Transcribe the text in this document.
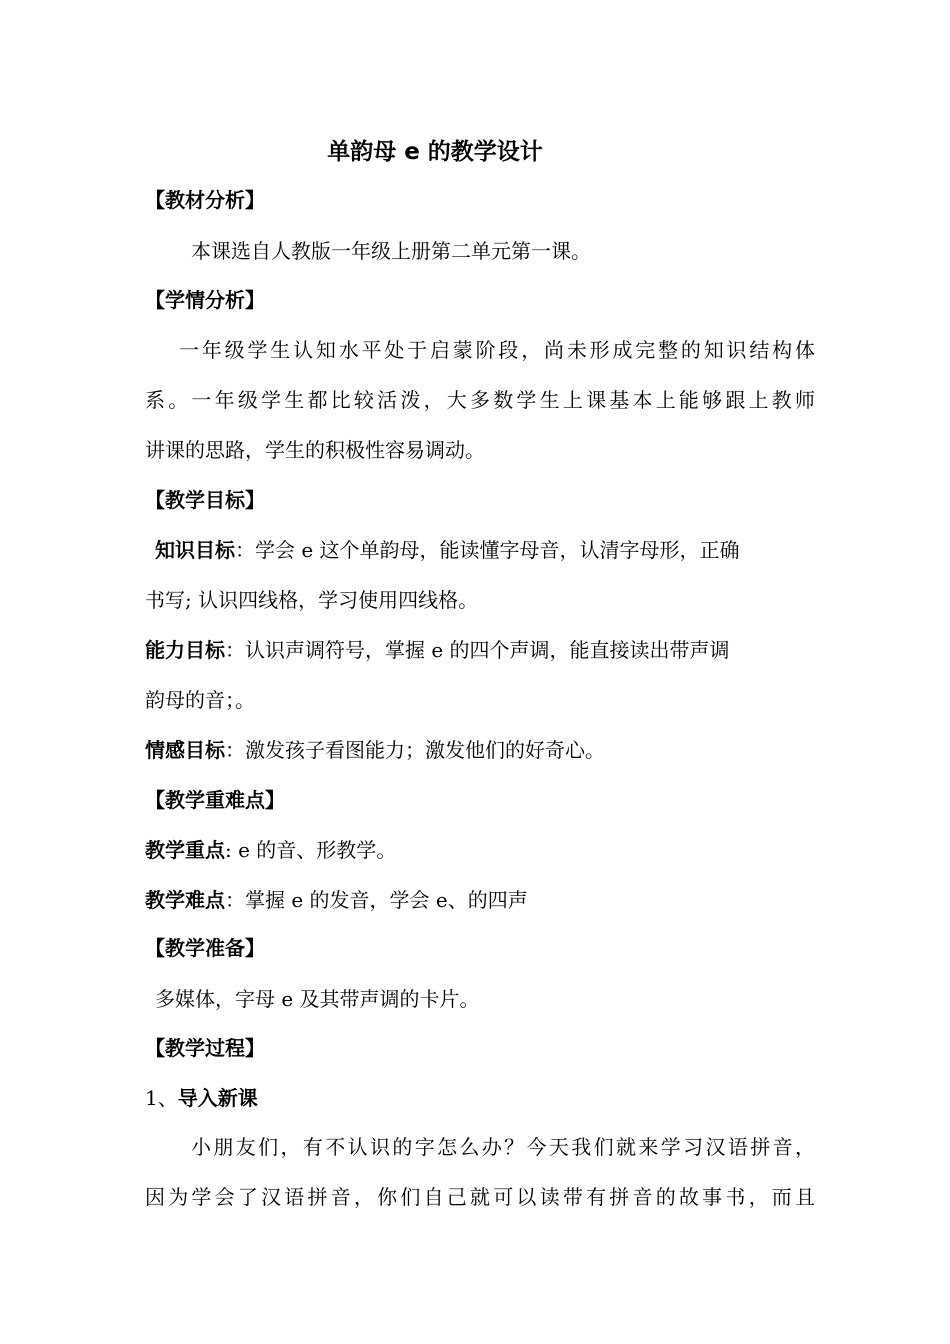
单韵母 e 的教学设计
【教材分析】
本课选自人教版一年级上册第二单元第一课。
【学情分析】
一年级学生认知水平处于启蒙阶段，尚未形成完整的知识结构体
系。一年级学生都比较活泼，大多数学生上课基本上能够跟上教师
讲课的思路，学生的积极性容易调动。
【教学目标】
知识目标：学会 e 这个单韵母，能读懂字母音，认清字母形，正确
书写; 认识四线格，学习使用四线格。
能力目标：认识声调符号，掌握 e 的四个声调，能直接读出带声调
韵母的音；。
情感目标：激发孩子看图能力；激发他们的好奇心。
【教学重难点】
教学重点: e 的音、形教学。
教学难点：掌握 e 的发音，学会 e、的四声
【教学准备】
多媒体，字母 e 及其带声调的卡片。
【教学过程】
1、导入新课
小朋友们，有不认识的字怎么办？今天我们就来学习汉语拼音，
因为学会了汉语拼音，你们自己就可以读带有拼音的故事书，而且
